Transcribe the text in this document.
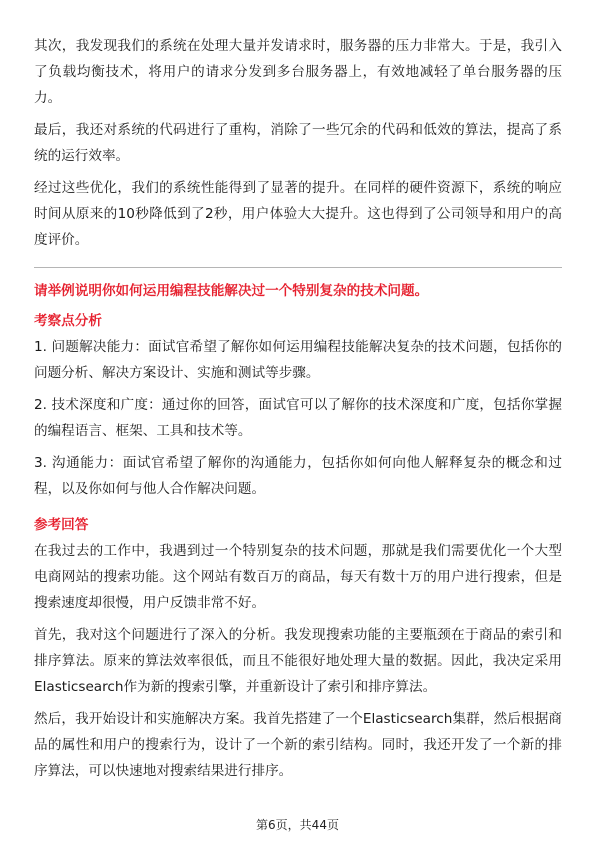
其次，我发现我们的系统在处理大量并发请求时，服务器的压力非常大。于是，我引入了负载均衡技术，将用户的请求分发到多台服务器上，有效地减轻了单台服务器的压力。

最后，我还对系统的代码进行了重构，消除了一些冗余的代码和低效的算法，提高了系统的运行效率。

经过这些优化，我们的系统性能得到了显著的提升。在同样的硬件资源下，系统的响应时间从原来的10秒降低到了2秒，用户体验大大提升。这也得到了公司领导和用户的高度评价。

请举例说明你如何运用编程技能解决过一个特别复杂的技术问题。
考察点分析

1. 问题解决能力：面试官希望了解你如何运用编程技能解决复杂的技术问题，包括你的问题分析、解决方案设计、实施和测试等步骤。

2. 技术深度和广度：通过你的回答，面试官可以了解你的技术深度和广度，包括你掌握的编程语言、框架、工具和技术等。

3. 沟通能力：面试官希望了解你的沟通能力，包括你如何向他人解释复杂的概念和过程，以及你如何与他人合作解决问题。

参考回答

在我过去的工作中，我遇到过一个特别复杂的技术问题，那就是我们需要优化一个大型电商网站的搜索功能。这个网站有数百万的商品，每天有数十万的用户进行搜索，但是搜索速度却很慢，用户反馈非常不好。

首先，我对这个问题进行了深入的分析。我发现搜索功能的主要瓶颈在于商品的索引和排序算法。原来的算法效率很低，而且不能很好地处理大量的数据。因此，我决定采用Elasticsearch作为新的搜索引擎，并重新设计了索引和排序算法。

然后，我开始设计和实施解决方案。我首先搭建了一个Elasticsearch集群，然后根据商品的属性和用户的搜索行为，设计了一个新的索引结构。同时，我还开发了一个新的排序算法，可以快速地对搜索结果进行排序。

第6页，共44页
